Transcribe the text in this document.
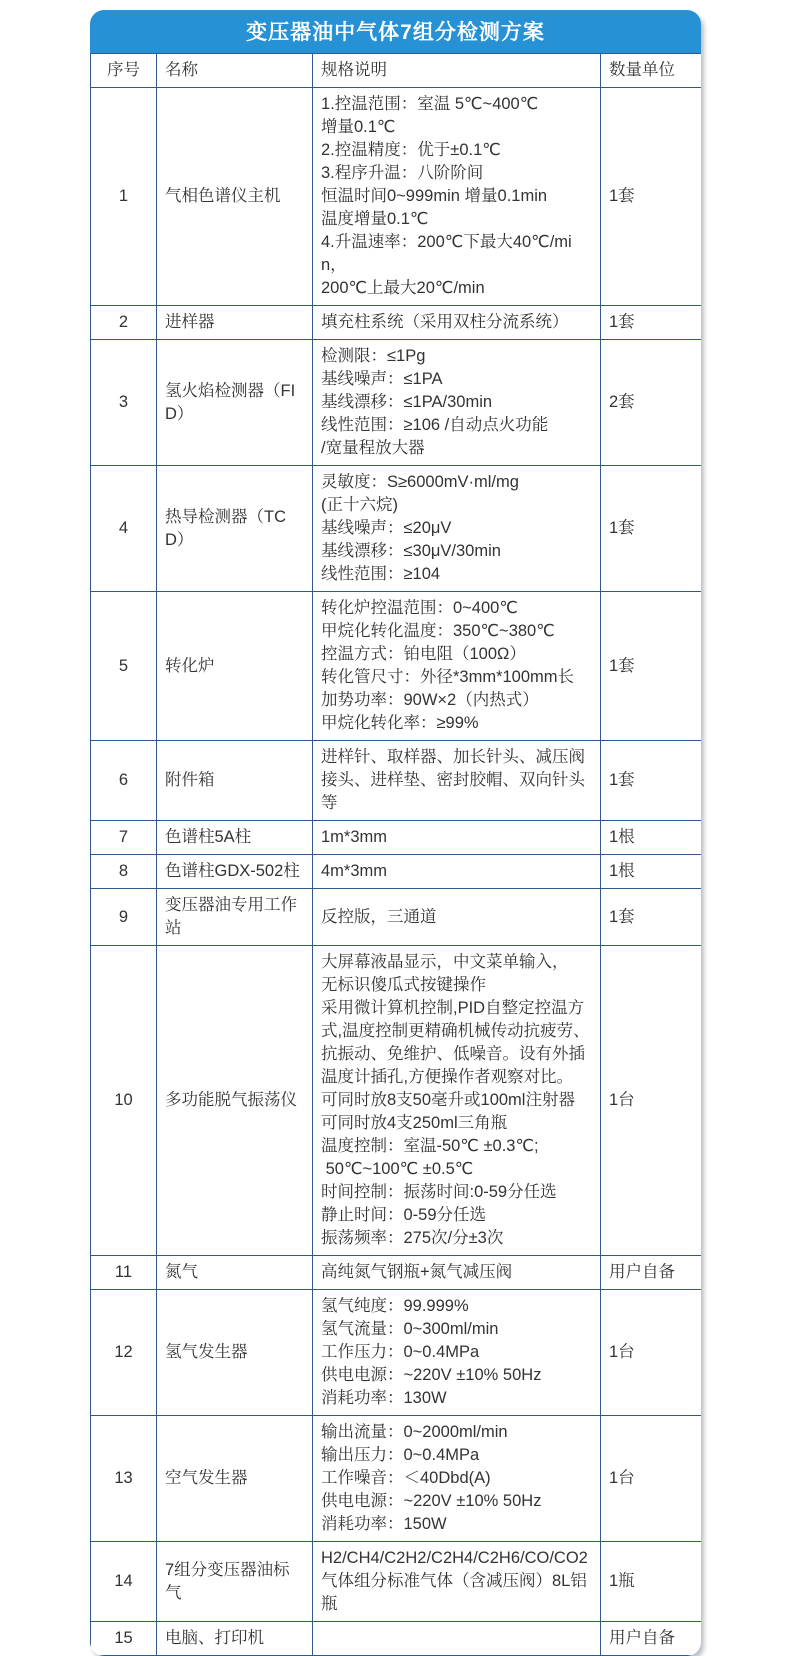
变压器油中气体7组分检测方案
序号	名称	规格说明	数量单位
1	气相色谱仪主机	1.控温范围：室温 5℃~400℃
增量0.1℃
2.控温精度：优于±0.1℃
3.程序升温：八阶阶间
恒温时间0~999min 增量0.1min
温度增量0.1℃
4.升温速率：200℃下最大40℃/min，
200℃上最大20℃/min	1套
2	进样器	填充柱系统（采用双柱分流系统）	1套
3	氢火焰检测器（FID）	检测限：≤1Pg
基线噪声：≤1PA
基线漂移：≤1PA/30min
线性范围：≥106 /自动点火功能
/宽量程放大器	2套
4	热导检测器（TCD）	灵敏度：S≥6000mV·ml/mg
(正十六烷)
基线噪声：≤20μV
基线漂移：≤30μV/30min
线性范围：≥104	1套
5	转化炉	转化炉控温范围：0~400℃
甲烷化转化温度：350℃~380℃
控温方式：铂电阻（100Ω）
转化管尺寸：外径*3mm*100mm长
加势功率：90W×2（内热式）
甲烷化转化率：≥99%	1套
6	附件箱	进样针、取样器、加长针头、减压阀接头、进样垫、密封胶帽、双向针头等	1套
7	色谱柱5A柱	1m*3mm	1根
8	色谱柱GDX-502柱	4m*3mm	1根
9	变压器油专用工作站	反控版，三通道	1套
10	多功能脱气振荡仪	大屏幕液晶显示，中文菜单输入，
无标识傻瓜式按键操作
采用微计算机控制,PID自整定控温方式,温度控制更精确机械传动抗疲劳、抗振动、免维护、低噪音。设有外插温度计插孔,方便操作者观察对比。
可同时放8支50毫升或100ml注射器
可同时放4支250ml三角瓶
温度控制：室温-50℃ ±0.3℃;
50℃~100℃ ±0.5℃
时间控制：振荡时间:0-59分任选
静止时间：0-59分任选
振荡频率：275次/分±3次	1台
11	氮气	高纯氮气钢瓶+氮气减压阀	用户自备
12	氢气发生器	氢气纯度：99.999%
氢气流量：0~300ml/min
工作压力：0~0.4MPa
供电电源：~220V ±10% 50Hz
消耗功率：130W	1台
13	空气发生器	输出流量：0~2000ml/min
输出压力：0~0.4MPa
工作噪音：＜40Dbd(A)
供电电源：~220V ±10% 50Hz
消耗功率：150W	1台
14	7组分变压器油标气	H2/CH4/C2H2/C2H4/C2H6/CO/CO2
气体组分标准气体（含减压阀）8L铝瓶	1瓶
15	电脑、打印机		用户自备
